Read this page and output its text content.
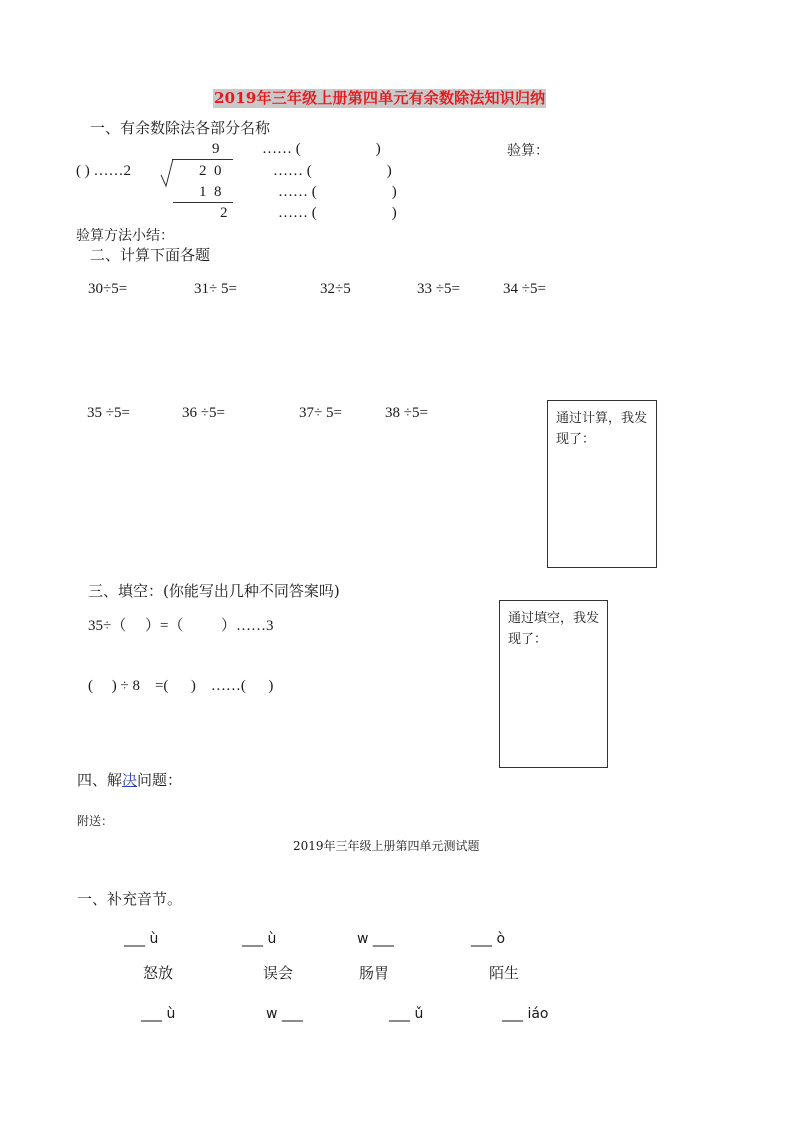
2019年三年级上册第四单元有余数除法知识归纳
一、有余数除法各部分名称
9
( ) ……2	2  0
1  8
2
…… (                    )
…… (                    )
…… (                    )
…… (                    )
验算：
验算方法小结：
二、计算下面各题
30÷5=	31÷ 5=	32÷5	33 ÷5=	34 ÷5=
35 ÷5=	36 ÷5=	37÷ 5=	38 ÷5=	通过计算，我发现了：
三、填空：(你能写出几种不同答案吗)
35÷（     ）=（          ）……3
(     ) ÷ 8    =(      )    ……(      )
通过填空，我发现了：
四、解决问题：
附送：
2019年三年级上册第四单元测试题
一、补充音节。
___ ù	___ ù	w ___	___ ò
怒放	误会	肠胃	陌生
___ ù	w ___	___ ǔ	___ iáo
